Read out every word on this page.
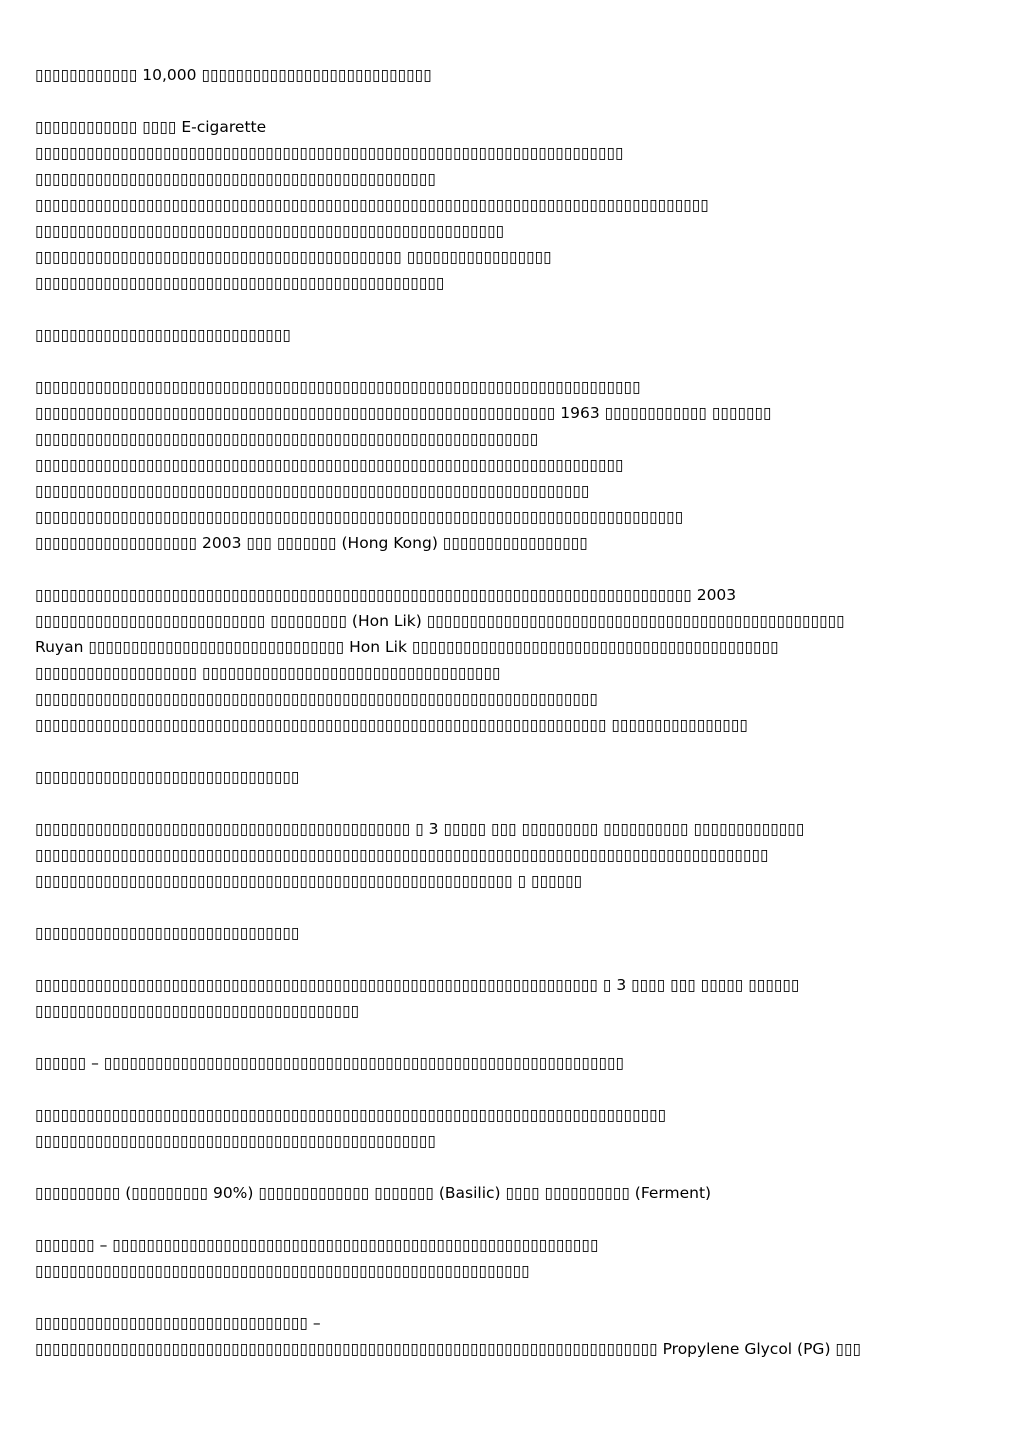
▯▯▯▯▯▯▯▯▯▯▯▯ 10,000 ▯▯▯▯▯▯▯▯▯▯▯▯▯▯▯▯▯▯▯▯▯▯▯▯▯▯▯
▯▯▯▯▯▯▯▯▯▯▯▯ ▯▯▯▯ E-cigarette
▯▯▯▯▯▯▯▯▯▯▯▯▯▯▯▯▯▯▯▯▯▯▯▯▯▯▯▯▯▯▯▯▯▯▯▯▯▯▯▯▯▯▯▯▯▯▯▯▯▯▯▯▯▯▯▯▯▯▯▯▯▯▯▯▯▯▯▯▯
▯▯▯▯▯▯▯▯▯▯▯▯▯▯▯▯▯▯▯▯▯▯▯▯▯▯▯▯▯▯▯▯▯▯▯▯▯▯▯▯▯▯▯▯▯▯▯
▯▯▯▯▯▯▯▯▯▯▯▯▯▯▯▯▯▯▯▯▯▯▯▯▯▯▯▯▯▯▯▯▯▯▯▯▯▯▯▯▯▯▯▯▯▯▯▯▯▯▯▯▯▯▯▯▯▯▯▯▯▯▯▯▯▯▯▯▯▯▯▯▯▯▯▯▯▯▯
▯▯▯▯▯▯▯▯▯▯▯▯▯▯▯▯▯▯▯▯▯▯▯▯▯▯▯▯▯▯▯▯▯▯▯▯▯▯▯▯▯▯▯▯▯▯▯▯▯▯▯▯▯▯▯
▯▯▯▯▯▯▯▯▯▯▯▯▯▯▯▯▯▯▯▯▯▯▯▯▯▯▯▯▯▯▯▯▯▯▯▯▯▯▯▯▯▯▯ ▯▯▯▯▯▯▯▯▯▯▯▯▯▯▯▯▯
▯▯▯▯▯▯▯▯▯▯▯▯▯▯▯▯▯▯▯▯▯▯▯▯▯▯▯▯▯▯▯▯▯▯▯▯▯▯▯▯▯▯▯▯▯▯▯▯
▯▯▯▯▯▯▯▯▯▯▯▯▯▯▯▯▯▯▯▯▯▯▯▯▯▯▯▯▯▯
▯▯▯▯▯▯▯▯▯▯▯▯▯▯▯▯▯▯▯▯▯▯▯▯▯▯▯▯▯▯▯▯▯▯▯▯▯▯▯▯▯▯▯▯▯▯▯▯▯▯▯▯▯▯▯▯▯▯▯▯▯▯▯▯▯▯▯▯▯▯▯
▯▯▯▯▯▯▯▯▯▯▯▯▯▯▯▯▯▯▯▯▯▯▯▯▯▯▯▯▯▯▯▯▯▯▯▯▯▯▯▯▯▯▯▯▯▯▯▯▯▯▯▯▯▯▯▯▯▯▯▯▯ 1963 ▯▯▯▯▯▯▯▯▯▯▯▯ ▯▯▯▯▯▯▯
▯▯▯▯▯▯▯▯▯▯▯▯▯▯▯▯▯▯▯▯▯▯▯▯▯▯▯▯▯▯▯▯▯▯▯▯▯▯▯▯▯▯▯▯▯▯▯▯▯▯▯▯▯▯▯▯▯▯▯
▯▯▯▯▯▯▯▯▯▯▯▯▯▯▯▯▯▯▯▯▯▯▯▯▯▯▯▯▯▯▯▯▯▯▯▯▯▯▯▯▯▯▯▯▯▯▯▯▯▯▯▯▯▯▯▯▯▯▯▯▯▯▯▯▯▯▯▯▯
▯▯▯▯▯▯▯▯▯▯▯▯▯▯▯▯▯▯▯▯▯▯▯▯▯▯▯▯▯▯▯▯▯▯▯▯▯▯▯▯▯▯▯▯▯▯▯▯▯▯▯▯▯▯▯▯▯▯▯▯▯▯▯▯▯
▯▯▯▯▯▯▯▯▯▯▯▯▯▯▯▯▯▯▯▯▯▯▯▯▯▯▯▯▯▯▯▯▯▯▯▯▯▯▯▯▯▯▯▯▯▯▯▯▯▯▯▯▯▯▯▯▯▯▯▯▯▯▯▯▯▯▯▯▯▯▯▯▯▯▯▯
▯▯▯▯▯▯▯▯▯▯▯▯▯▯▯▯▯▯▯ 2003 ▯▯▯ ▯▯▯▯▯▯▯ (Hong Kong) ▯▯▯▯▯▯▯▯▯▯▯▯▯▯▯▯▯
▯▯▯▯▯▯▯▯▯▯▯▯▯▯▯▯▯▯▯▯▯▯▯▯▯▯▯▯▯▯▯▯▯▯▯▯▯▯▯▯▯▯▯▯▯▯▯▯▯▯▯▯▯▯▯▯▯▯▯▯▯▯▯▯▯▯▯▯▯▯▯▯▯▯▯▯▯ 2003
▯▯▯▯▯▯▯▯▯▯▯▯▯▯▯▯▯▯▯▯▯▯▯▯▯▯▯ ▯▯▯▯▯▯▯▯▯ (Hon Lik) ▯▯▯▯▯▯▯▯▯▯▯▯▯▯▯▯▯▯▯▯▯▯▯▯▯▯▯▯▯▯▯▯▯▯▯▯▯▯▯▯▯▯▯▯▯▯▯▯▯
Ruyan ▯▯▯▯▯▯▯▯▯▯▯▯▯▯▯▯▯▯▯▯▯▯▯▯▯▯▯▯▯▯ Hon Lik ▯▯▯▯▯▯▯▯▯▯▯▯▯▯▯▯▯▯▯▯▯▯▯▯▯▯▯▯▯▯▯▯▯▯▯▯▯▯▯▯▯▯▯
▯▯▯▯▯▯▯▯▯▯▯▯▯▯▯▯▯▯▯ ▯▯▯▯▯▯▯▯▯▯▯▯▯▯▯▯▯▯▯▯▯▯▯▯▯▯▯▯▯▯▯▯▯▯▯
▯▯▯▯▯▯▯▯▯▯▯▯▯▯▯▯▯▯▯▯▯▯▯▯▯▯▯▯▯▯▯▯▯▯▯▯▯▯▯▯▯▯▯▯▯▯▯▯▯▯▯▯▯▯▯▯▯▯▯▯▯▯▯▯▯▯
▯▯▯▯▯▯▯▯▯▯▯▯▯▯▯▯▯▯▯▯▯▯▯▯▯▯▯▯▯▯▯▯▯▯▯▯▯▯▯▯▯▯▯▯▯▯▯▯▯▯▯▯▯▯▯▯▯▯▯▯▯▯▯▯▯▯▯ ▯▯▯▯▯▯▯▯▯▯▯▯▯▯▯▯
▯▯▯▯▯▯▯▯▯▯▯▯▯▯▯▯▯▯▯▯▯▯▯▯▯▯▯▯▯▯▯
▯▯▯▯▯▯▯▯▯▯▯▯▯▯▯▯▯▯▯▯▯▯▯▯▯▯▯▯▯▯▯▯▯▯▯▯▯▯▯▯▯▯▯▯ ▯ 3 ▯▯▯▯▯ ▯▯▯ ▯▯▯▯▯▯▯▯▯ ▯▯▯▯▯▯▯▯▯▯ ▯▯▯▯▯▯▯▯▯▯▯▯▯
▯▯▯▯▯▯▯▯▯▯▯▯▯▯▯▯▯▯▯▯▯▯▯▯▯▯▯▯▯▯▯▯▯▯▯▯▯▯▯▯▯▯▯▯▯▯▯▯▯▯▯▯▯▯▯▯▯▯▯▯▯▯▯▯▯▯▯▯▯▯▯▯▯▯▯▯▯▯▯▯▯▯▯▯▯▯
▯▯▯▯▯▯▯▯▯▯▯▯▯▯▯▯▯▯▯▯▯▯▯▯▯▯▯▯▯▯▯▯▯▯▯▯▯▯▯▯▯▯▯▯▯▯▯▯▯▯▯▯▯▯▯▯ ▯ ▯▯▯▯▯▯
▯▯▯▯▯▯▯▯▯▯▯▯▯▯▯▯▯▯▯▯▯▯▯▯▯▯▯▯▯▯▯
▯▯▯▯▯▯▯▯▯▯▯▯▯▯▯▯▯▯▯▯▯▯▯▯▯▯▯▯▯▯▯▯▯▯▯▯▯▯▯▯▯▯▯▯▯▯▯▯▯▯▯▯▯▯▯▯▯▯▯▯▯▯▯▯▯▯ ▯ 3 ▯▯▯▯ ▯▯▯ ▯▯▯▯▯ ▯▯▯▯▯▯
▯▯▯▯▯▯▯▯▯▯▯▯▯▯▯▯▯▯▯▯▯▯▯▯▯▯▯▯▯▯▯▯▯▯▯▯▯▯
▯▯▯▯▯▯ – ▯▯▯▯▯▯▯▯▯▯▯▯▯▯▯▯▯▯▯▯▯▯▯▯▯▯▯▯▯▯▯▯▯▯▯▯▯▯▯▯▯▯▯▯▯▯▯▯▯▯▯▯▯▯▯▯▯▯▯▯▯
▯▯▯▯▯▯▯▯▯▯▯▯▯▯▯▯▯▯▯▯▯▯▯▯▯▯▯▯▯▯▯▯▯▯▯▯▯▯▯▯▯▯▯▯▯▯▯▯▯▯▯▯▯▯▯▯▯▯▯▯▯▯▯▯▯▯▯▯▯▯▯▯▯▯
▯▯▯▯▯▯▯▯▯▯▯▯▯▯▯▯▯▯▯▯▯▯▯▯▯▯▯▯▯▯▯▯▯▯▯▯▯▯▯▯▯▯▯▯▯▯▯
▯▯▯▯▯▯▯▯▯▯ (▯▯▯▯▯▯▯▯▯ 90%) ▯▯▯▯▯▯▯▯▯▯▯▯▯ ▯▯▯▯▯▯▯ (Basilic) ▯▯▯▯ ▯▯▯▯▯▯▯▯▯▯ (Ferment)
▯▯▯▯▯▯▯ – ▯▯▯▯▯▯▯▯▯▯▯▯▯▯▯▯▯▯▯▯▯▯▯▯▯▯▯▯▯▯▯▯▯▯▯▯▯▯▯▯▯▯▯▯▯▯▯▯▯▯▯▯▯▯▯▯▯
▯▯▯▯▯▯▯▯▯▯▯▯▯▯▯▯▯▯▯▯▯▯▯▯▯▯▯▯▯▯▯▯▯▯▯▯▯▯▯▯▯▯▯▯▯▯▯▯▯▯▯▯▯▯▯▯▯▯
▯▯▯▯▯▯▯▯▯▯▯▯▯▯▯▯▯▯▯▯▯▯▯▯▯▯▯▯▯▯▯▯ –
▯▯▯▯▯▯▯▯▯▯▯▯▯▯▯▯▯▯▯▯▯▯▯▯▯▯▯▯▯▯▯▯▯▯▯▯▯▯▯▯▯▯▯▯▯▯▯▯▯▯▯▯▯▯▯▯▯▯▯▯▯▯▯▯▯▯▯▯▯▯▯▯▯ Propylene Glycol (PG) ▯▯▯
